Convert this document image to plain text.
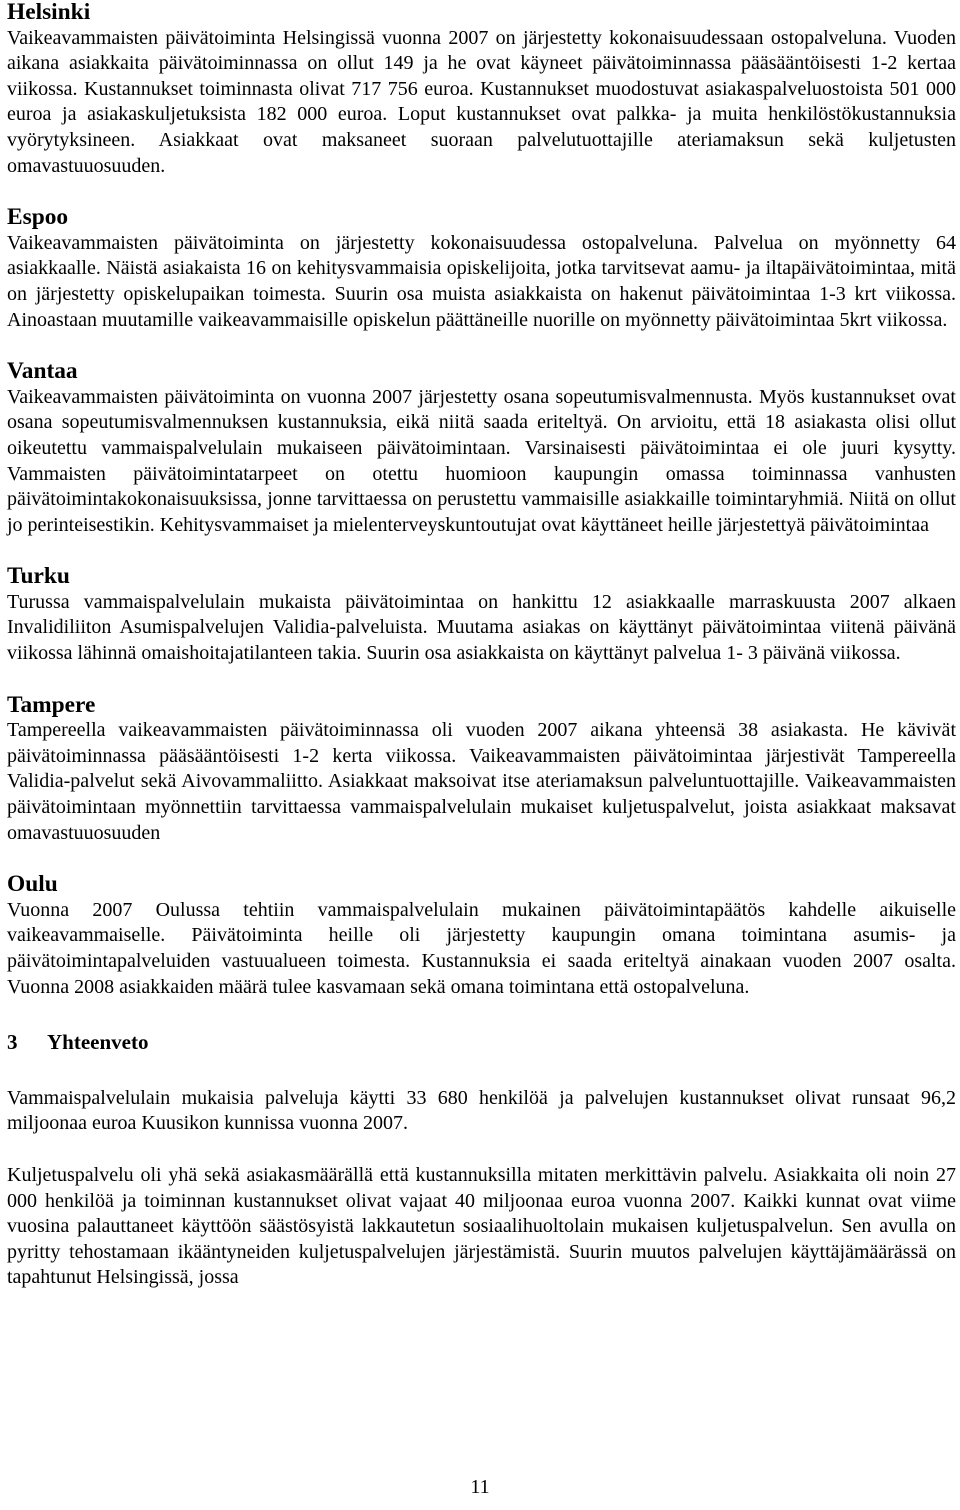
Helsinki

Vaikeavammaisten päivätoiminta Helsingissä vuonna 2007 on järjestetty kokonaisuudessaan ostopalveluna. Vuoden aikana asiakkaita päivätoiminnassa on ollut 149 ja he ovat käyneet päivätoiminnassa pääsääntöisesti 1-2 kertaa viikossa. Kustannukset toiminnasta olivat 717 756 euroa. Kustannukset muodostuvat asiakaspalveluostoista 501 000 euroa ja asiakaskuljetuksista 182 000 euroa. Loput kustannukset ovat palkka- ja muita henkilöstökustannuksia vyörytyksineen. Asiakkaat ovat maksaneet suoraan palvelutuottajille ateriamaksun sekä kuljetusten omavastuuosuuden.

Espoo

Vaikeavammaisten päivätoiminta on järjestetty kokonaisuudessa ostopalveluna. Palvelua on myönnetty 64 asiakkaalle. Näistä asiakaista 16 on kehitysvammaisia opiskelijoita, jotka tarvitsevat aamu- ja iltapäivätoimintaa, mitä on järjestetty opiskelupaikan toimesta. Suurin osa muista asiakkaista on hakenut päivätoimintaa 1-3 krt viikossa. Ainoastaan muutamille vaikeavammaisille opiskelun päättäneille nuorille on myönnetty päivätoimintaa 5krt viikossa.

Vantaa

Vaikeavammaisten päivätoiminta on vuonna 2007 järjestetty osana sopeutumisvalmennusta. Myös kustannukset ovat osana sopeutumisvalmennuksen kustannuksia, eikä niitä saada eriteltyä. On arvioitu, että 18 asiakasta olisi ollut oikeutettu vammaispalvelulain mukaiseen päivätoimintaan. Varsinaisesti päivätoimintaa ei ole juuri kysytty. Vammaisten päivätoimintatarpeet on otettu huomioon kaupungin omassa toiminnassa vanhusten päivätoimintakokonaisuuksissa, jonne tarvittaessa on perustettu vammaisille asiakkaille toimintaryhmiä. Niitä on ollut jo perinteisestikin. Kehitysvammaiset ja mielenterveyskuntoutujat ovat käyttäneet heille järjestettyä päivätoimintaa

Turku

Turussa vammaispalvelulain mukaista päivätoimintaa on hankittu 12 asiakkaalle marraskuusta 2007 alkaen Invalidiliiton Asumispalvelujen Validia-palveluista. Muutama asiakas on käyttänyt päivätoimintaa viitenä päivänä viikossa lähinnä omaishoitajatilanteen takia. Suurin osa asiakkaista on käyttänyt palvelua 1- 3 päivänä viikossa.

Tampere

Tampereella vaikeavammaisten päivätoiminnassa oli vuoden 2007 aikana yhteensä 38 asiakasta. He kävivät päivätoiminnassa pääsääntöisesti 1-2 kerta viikossa. Vaikeavammaisten päivätoimintaa järjestivät Tampereella Validia-palvelut sekä Aivovammaliitto. Asiakkaat maksoivat itse ateriamaksun palveluntuottajille. Vaikeavammaisten päivätoimintaan myönnettiin tarvittaessa vammaispalvelulain mukaiset kuljetuspalvelut, joista asiakkaat maksavat omavastuuosuuden

Oulu

Vuonna 2007 Oulussa tehtiin vammaispalvelulain mukainen päivätoimintapäätös kahdelle aikuiselle vaikeavammaiselle. Päivätoiminta heille oli järjestetty kaupungin omana toimintana asumis- ja päivätoimintapalveluiden vastuualueen toimesta. Kustannuksia ei saada eriteltyä ainakaan vuoden 2007 osalta. Vuonna 2008 asiakkaiden määrä tulee kasvamaan sekä omana toimintana että ostopalveluna.

3 Yhteenveto

Vammaispalvelulain mukaisia palveluja käytti 33 680 henkilöä ja palvelujen kustannukset olivat runsaat 96,2 miljoonaa euroa Kuusikon kunnissa vuonna 2007.

Kuljetuspalvelu oli yhä sekä asiakasmäärällä että kustannuksilla mitaten merkittävin palvelu. Asiakkaita oli noin 27 000 henkilöä ja toiminnan kustannukset olivat vajaat 40 miljoonaa euroa vuonna 2007. Kaikki kunnat ovat viime vuosina palauttaneet käyttöön säästösyistä lakkautetun sosiaalihuoltolain mukaisen kuljetuspalvelun. Sen avulla on pyritty tehostamaan ikääntyneiden kuljetuspalvelujen järjestämistä. Suurin muutos palvelujen käyttäjämäärässä on tapahtunut Helsingissä, jossa

11
